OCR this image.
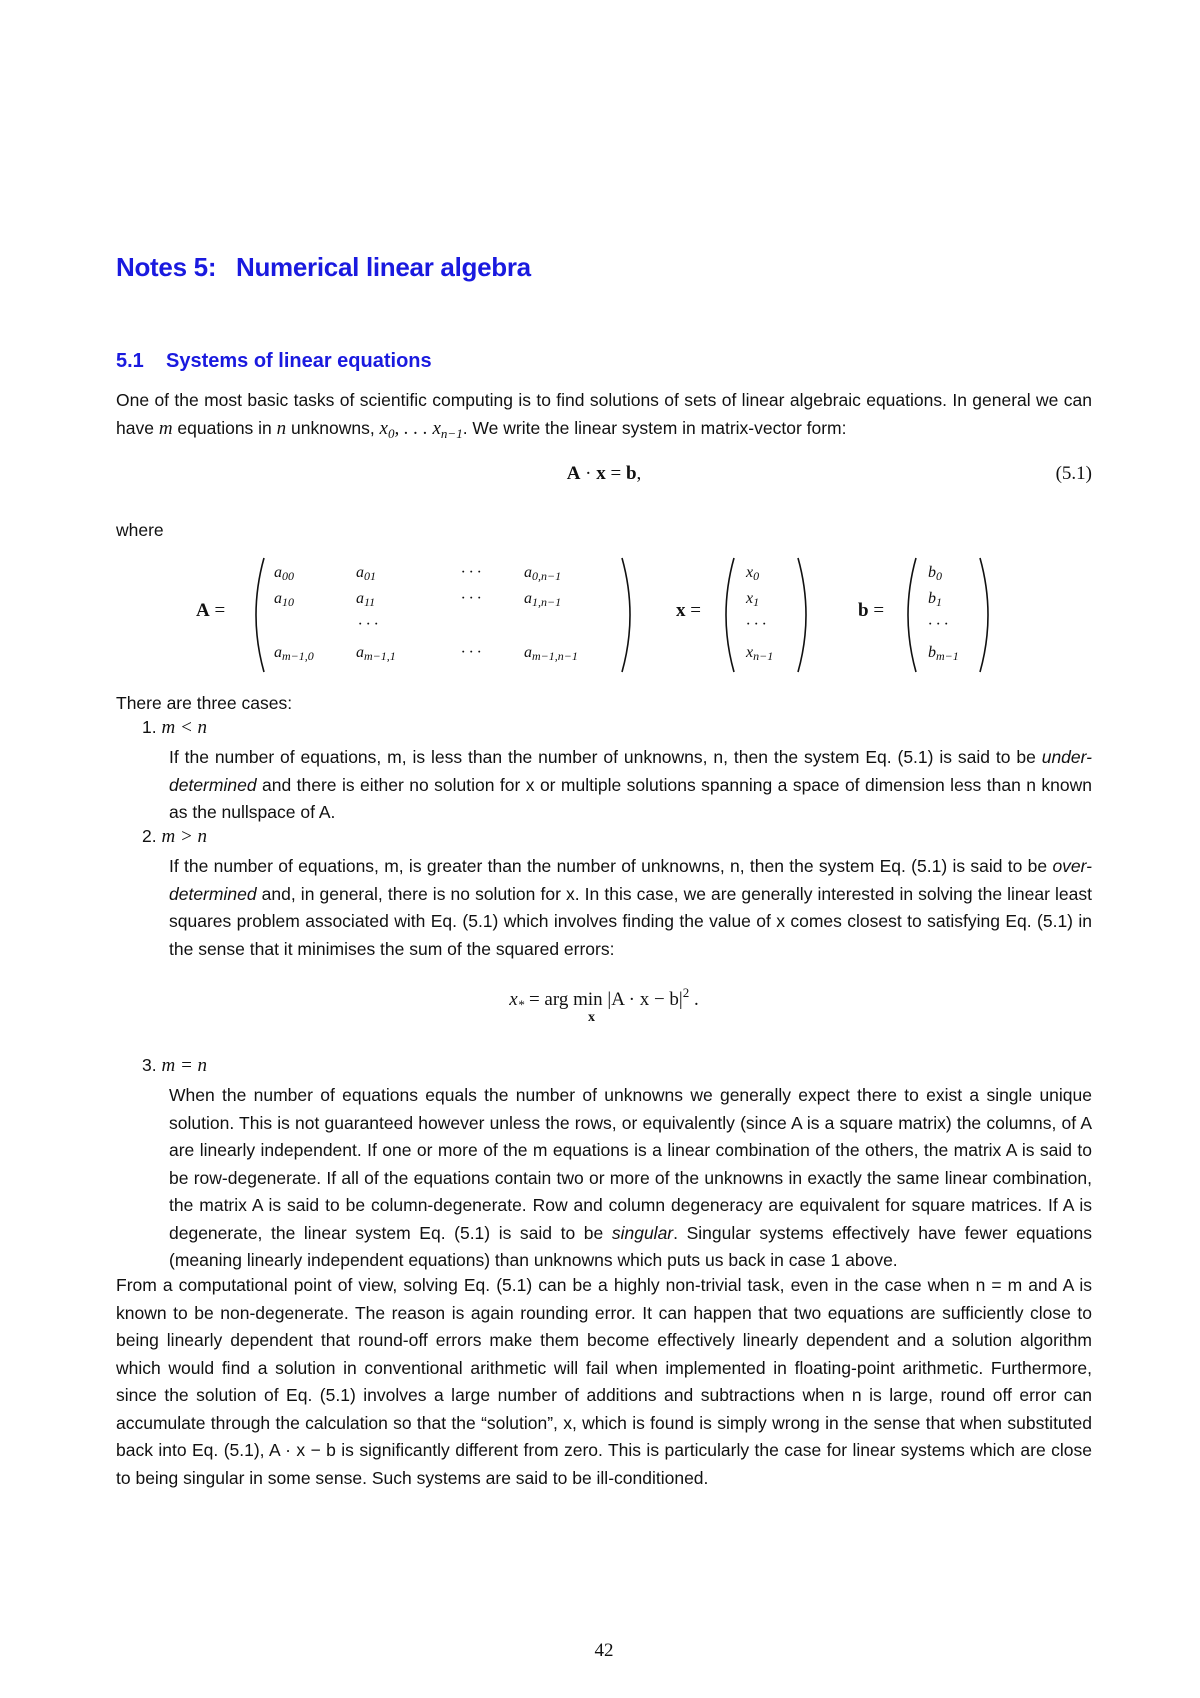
Notes 5: Numerical linear algebra
5.1 Systems of linear equations

One of the most basic tasks of scientific computing is to find solutions of sets of linear algebraic equations. In general we can have m equations in n unknowns, $x_0$, . . . $x_{n-1}$. We write the linear system in matrix-vector form:

A · x = b,	(5.1)
where
A =
$a_{00}$	$a_{01}$	· · ·	$a_{0,n-1}$
$a_{10}$	$a_{11}$	· · ·	$a_{1,n-1}$
· · ·
$a_{m-1,0}$	$a_{m-1,1}$	· · ·	$a_{m-1,n-1}$
x =
$x_0$
$x_1$
· · ·
$x_{n-1}$
b =
$b_0$
$b_1$
· · ·
$b_{m-1}$
There are three cases:
1. m < n

If the number of equations, m, is less than the number of unknowns, n, then the system Eq. (5.1) is said to be under-determined and there is either no solution for x or multiple solutions spanning a space of dimension less than n known as the nullspace of A.

2. m > n

If the number of equations, m, is greater than the number of unknowns, n, then the system Eq. (5.1) is said to be over-determined and, in general, there is no solution for x. In this case, we are generally interested in solving the linear least squares problem associated with Eq. (5.1) which involves finding the value of x comes closest to satisfying Eq. (5.1) in the sense that it minimises the sum of the squared errors:

$x_*$ = arg $\min |A \cdot x - b|^2$ .
x
3. m = n

When the number of equations equals the number of unknowns we generally expect there to exist a single unique solution. This is not guaranteed however unless the rows, or equivalently (since A is a square matrix) the columns, of A are linearly independent. If one or more of the m equations is a linear combination of the others, the matrix A is said to be row-degenerate. If all of the equations contain two or more of the unknowns in exactly the same linear combination, the matrix A is said to be column-degenerate. Row and column degeneracy are equivalent for square matrices. If A is degenerate, the linear system Eq. (5.1) is said to be singular. Singular systems effectively have fewer equations (meaning linearly independent equations) than unknowns which puts us back in case 1 above.

From a computational point of view, solving Eq. (5.1) can be a highly non-trivial task, even in the case when n = m and A is known to be non-degenerate. The reason is again rounding error. It can happen that two equations are sufficiently close to being linearly dependent that round-off errors make them become effectively linearly dependent and a solution algorithm which would find a solution in conventional arithmetic will fail when implemented in floating-point arithmetic. Furthermore, since the solution of Eq. (5.1) involves a large number of additions and subtractions when n is large, round off error can accumulate through the calculation so that the “solution”, x, which is found is simply wrong in the sense that when substituted back into Eq. (5.1), A · x − b is significantly different from zero. This is particularly the case for linear systems which are close to being singular in some sense. Such systems are said to be ill-conditioned.

42
